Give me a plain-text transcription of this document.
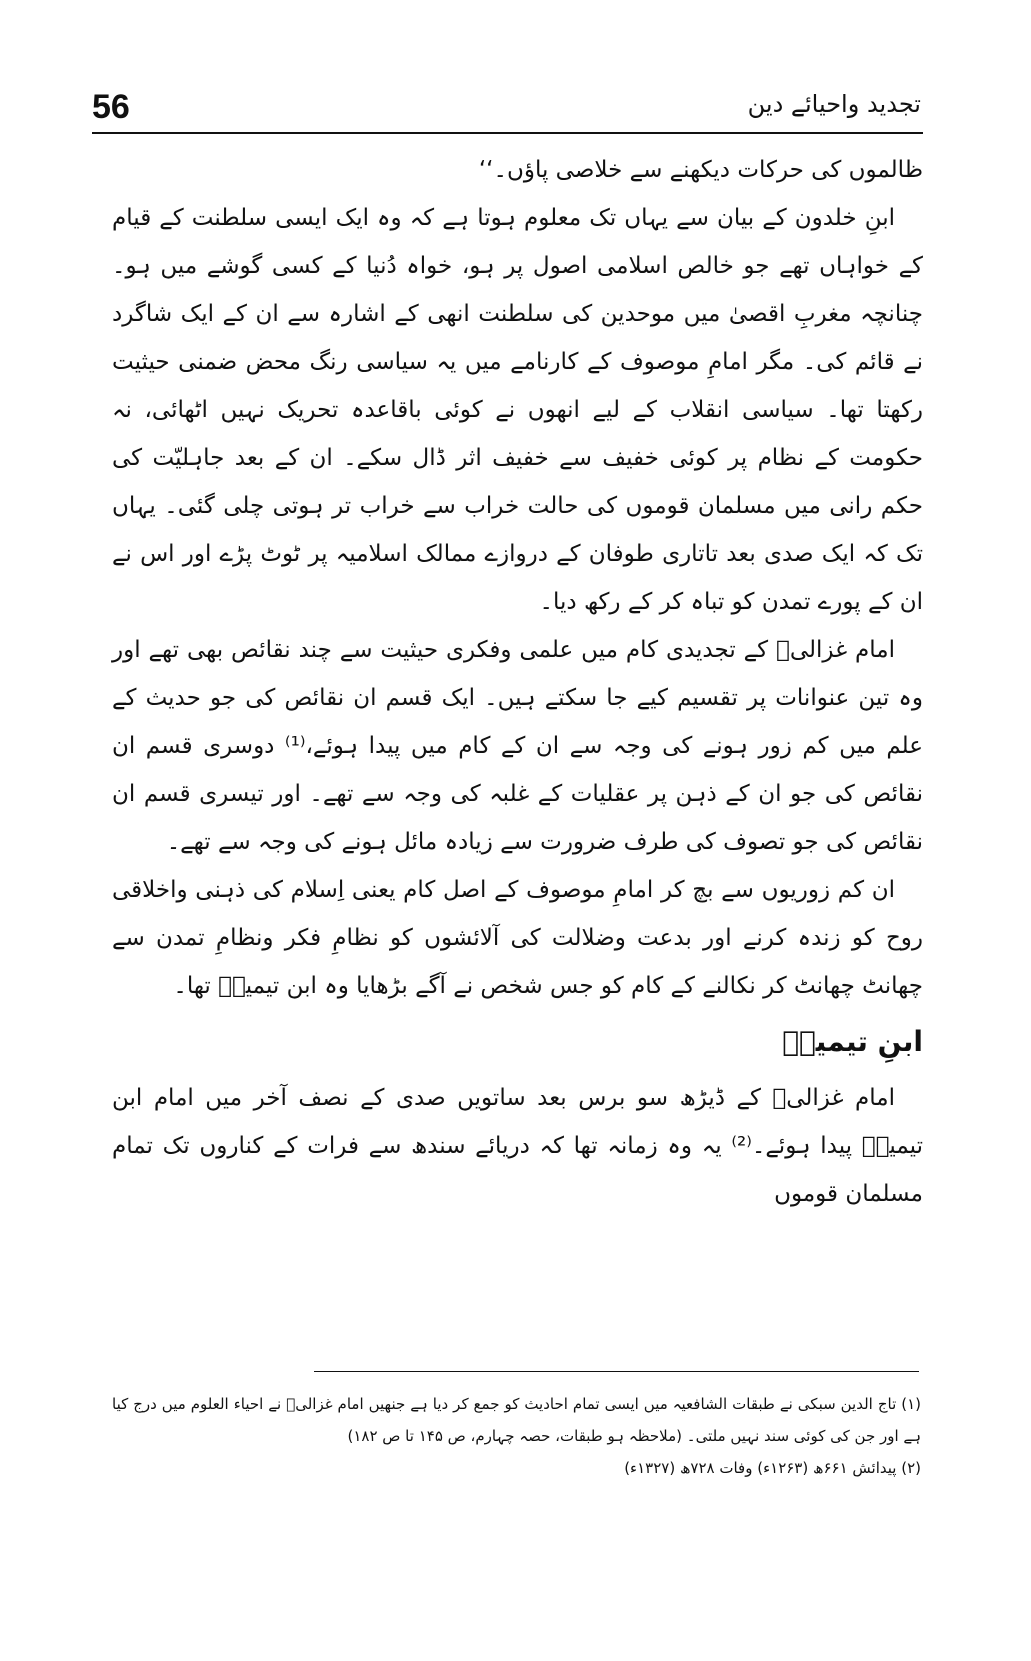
56	تجدید واحیائے دین

ظالموں کی حرکات دیکھنے سے خلاصی پاؤں۔‘‘

ابنِ خلدون کے بیان سے یہاں تک معلوم ہوتا ہے کہ وہ ایک ایسی سلطنت کے قیام کے خواہاں تھے جو خالص اسلامی اصول پر ہو، خواہ دُنیا کے کسی گوشے میں ہو۔ چنانچہ مغربِ اقصیٰ میں موحدین کی سلطنت انھی کے اشارہ سے ان کے ایک شاگرد نے قائم کی۔ مگر امامِ موصوف کے کارنامے میں یہ سیاسی رنگ محض ضمنی حیثیت رکھتا تھا۔ سیاسی انقلاب کے لیے انھوں نے کوئی باقاعدہ تحریک نہیں اٹھائی، نہ حکومت کے نظام پر کوئی خفیف سے خفیف اثر ڈال سکے۔ ان کے بعد جاہلیّت کی حکم رانی میں مسلمان قوموں کی حالت خراب سے خراب تر ہوتی چلی گئی۔ یہاں تک کہ ایک صدی بعد تاتاری طوفان کے دروازے ممالک اسلامیہ پر ٹوٹ پڑے اور اس نے ان کے پورے تمدن کو تباہ کر کے رکھ دیا۔

امام غزالیؒ کے تجدیدی کام میں علمی وفکری حیثیت سے چند نقائص بھی تھے اور وہ تین عنوانات پر تقسیم کیے جا سکتے ہیں۔ ایک قسم ان نقائص کی جو حدیث کے علم میں کم زور ہونے کی وجہ سے ان کے کام میں پیدا ہوئے،⁽¹⁾ دوسری قسم ان نقائص کی جو ان کے ذہن پر عقلیات کے غلبہ کی وجہ سے تھے۔ اور تیسری قسم ان نقائص کی جو تصوف کی طرف ضرورت سے زیادہ مائل ہونے کی وجہ سے تھے۔

ان کم زوریوں سے بچ کر امامِ موصوف کے اصل کام یعنی اِسلام کی ذہنی واخلاقی روح کو زندہ کرنے اور بدعت وضلالت کی آلائشوں کو نظامِ فکر ونظامِ تمدن سے چھانٹ چھانٹ کر نکالنے کے کام کو جس شخص نے آگے بڑھایا وہ ابن تیمیہؒ تھا۔

ابنِ تیمیہؒ

امام غزالیؒ کے ڈیڑھ سو برس بعد ساتویں صدی کے نصف آخر میں امام ابن تیمیہؒ پیدا ہوئے۔⁽²⁾ یہ وہ زمانہ تھا کہ دریائے سندھ سے فرات کے کناروں تک تمام مسلمان قوموں

(۱) تاج الدین سبکی نے طبقات الشافعیہ میں ایسی تمام احادیث کو جمع کر دیا ہے جنھیں امام غزالیؒ نے احیاء العلوم میں درج کیا ہے اور جن کی کوئی سند نہیں ملتی۔ (ملاحظہ ہو طبقات، حصہ چہارم، ص ۱۴۵ تا ص ۱۸۲)

(۲) پیدائش ۶۶۱ھ (۱۲۶۳ء) وفات ۷۲۸ھ (۱۳۲۷ء)
